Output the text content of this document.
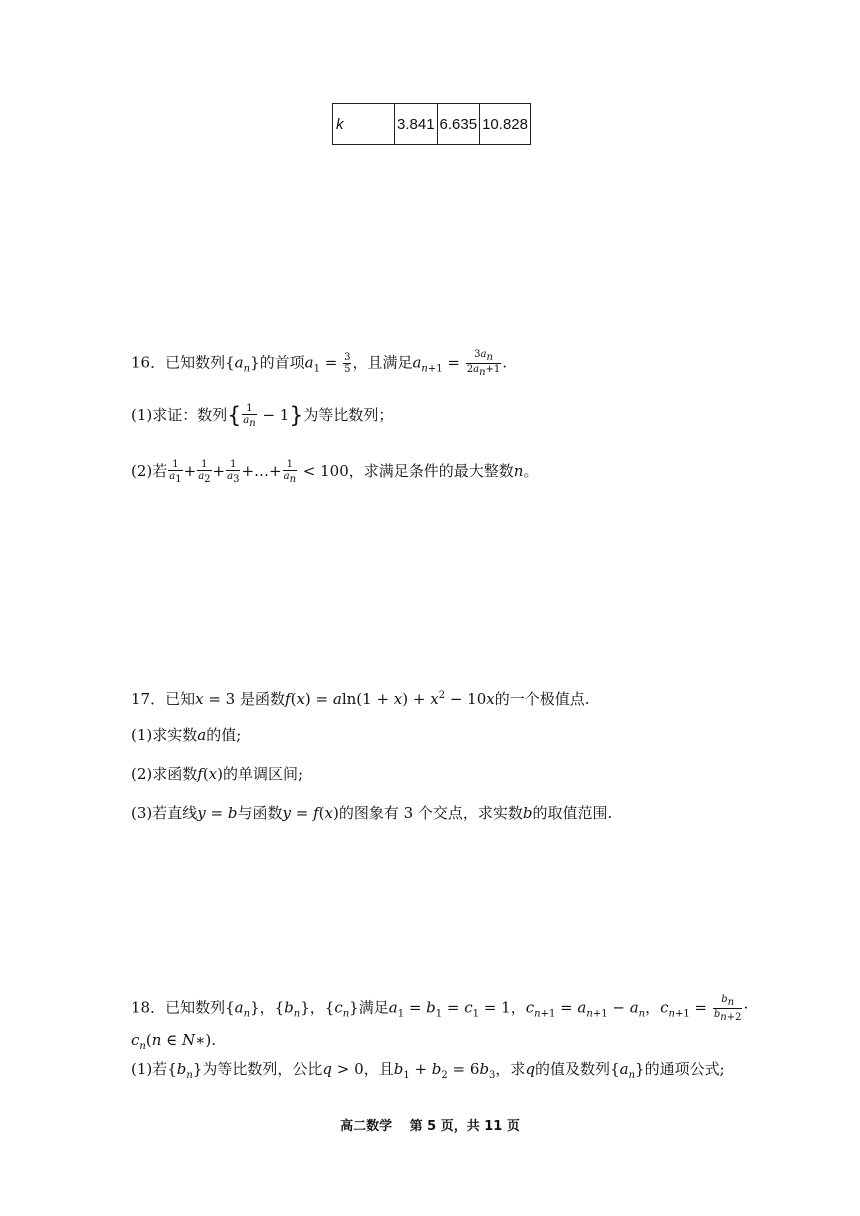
k	3.841	6.635	10.828
16．已知数列$\{a_n\}$的首项$a_1 = \frac{3}{5}$ ，且满足$a_{n+1} = \frac{3a_n}{2a_n+1}$ .
(1)求证：数列{ $\frac{1}{a_n} - 1$}为等比数列；
(2)若 $\frac{1}{a_1} + \frac{1}{a_2} + \frac{1}{a_3}$ +…+ $\frac{1}{a_n} < 100$，求满足条件的最大整数n。
17．已知x = 3 是函数$f(x) = aln(1 + x) + x^2 - 10x$的一个极值点.
(1)求实数a的值;
(2)求函数f(x)的单调区间;
(3)若直线y = b与函数y = f(x)的图象有 3 个交点，求实数b的取值范围.
18．已知数列$\{a_n\}$，$\{b_n\}$，$\{c_n\}$满足$a_1 = b_1 = c_1 = 1$，$c_{n+1} = a_{n+1} - a_n$，$c_{n+1} = \frac{b_n}{b_{n+2}}$ ·
$c_n(n$ ∈ N∗).
(1)若$\{b_n\}$为等比数列，公比q > 0，且$b_1 + b_2 = 6b_3$，求q的值及数列$\{a_n\}$的通项公式;
高二数学　 第 5 页，共 11 页
